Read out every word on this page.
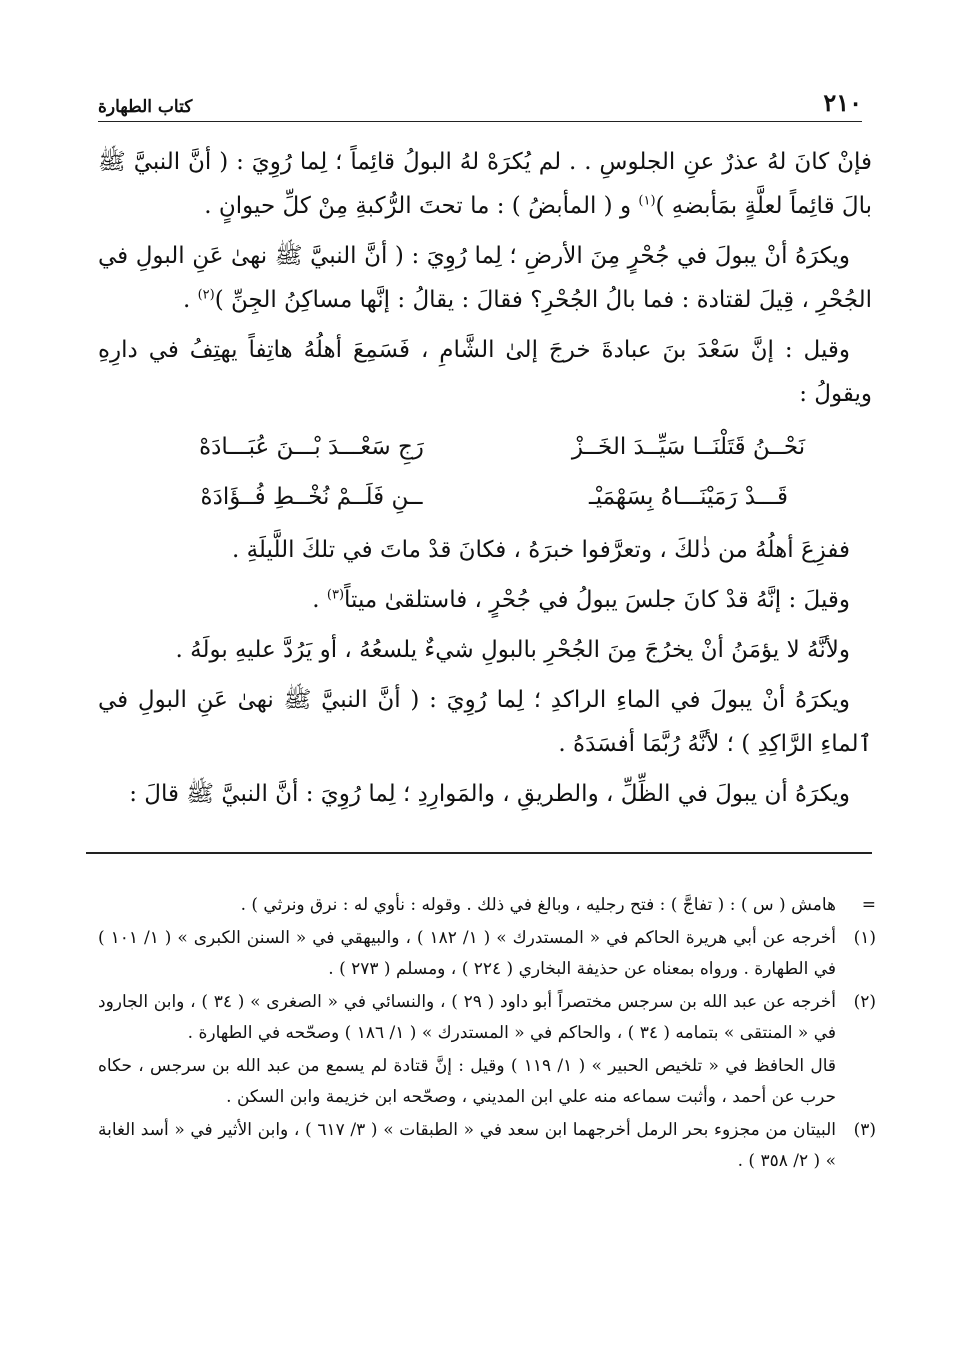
٢١٠
كتاب الطهارة

فإنْ كانَ لهُ عذرٌ عنِ الجلوسِ . . لم يُكرَهْ لهُ البولُ قائِماً ؛ لِما رُوِيَ : ( أنَّ النبيَّ ﷺ بالَ قائِماً لعلَّةٍ بمَأبضهِ )$^{(١)}$ و ( المأبضُ ) : ما تحتَ الرُّكبةِ مِنْ كلِّ حيوانٍ .

ويكرَهُ أنْ يبولَ في جُحْرٍ مِنَ الأرضِ ؛ لِما رُوِيَ : ( أنَّ النبيَّ ﷺ نهىٰ عَنِ البولِ في الجُحْرِ ، قِيلَ لقتادة : فما بالُ الجُحْرِ؟ فقالَ : يقالُ : إنَّها مساكِنُ الجِنِّ )$^{(٢)}$ .

وقيل : إنَّ سَعْدَ بنَ عبادةَ خرجَ إلىٰ الشَّامِ ، فَسَمِعَ أهلُهُ هاتِفاً يهتِفُ في دارِهِ ويقولُ :

نَحْــنُ قَتَلْنَــا سَيِّــدَ الخَــزْ
رَجِ سَعْـــدَ بْـــنَ عُبَـــادَهْ
قَـــدْ رَمَيْنَـــاهُ بِسَهْمَيْـ
ــنِ فَلَــمْ نُخْــطِ فُــؤَادَهْ

ففزِعَ أهلُهُ من ذٰلكَ ، وتعرَّفوا خبرَهُ ، فكانَ قدْ ماتَ في تلكَ اللَّيلَةِ .

وقيلَ : إنَّهُ قدْ كانَ جلسَ يبولُ في جُحْرٍ ، فاستلقىٰ ميتاً$^{(٣)}$ .

ولأنَّهُ لا يؤمَنُ أنْ يخرُجَ مِنَ الجُحْرِ بالبولِ شيءٌ يلسعُهُ ، أو يَرُدَّ عليهِ بولَهُ .

ويكرَهُ أنْ يبولَ في الماءِ الراكدِ ؛ لِما رُوِيَ : ( أنَّ النبيَّ ﷺ نهىٰ عَنِ البولِ في ٱلماءِ الرَّاكِدِ ) ؛ لأنَّهُ رُبَّمَا أفسَدَهُ .

ويكرَهُ أن يبولَ في الظِّلِّ ، والطريقِ ، والمَوارِدِ ؛ لِما رُوِيَ : أنَّ النبيَّ ﷺ قالَ :

=
هامش ( س ) : ( تفاجَّ ) : فتح رجليه ، وبالغ في ذلك . وقوله : نأوي له : نرق ونرثي ) .
(١)
أخرجه عن أبي هريرة الحاكم في « المستدرك » ( ١/ ١٨٢ ) ، والبيهقي في « السنن الكبرى » ( ١/ ١٠١ ) في الطهارة . ورواه بمعناه عن حذيفة البخاري ( ٢٢٤ ) ، ومسلم ( ٢٧٣ ) .
(٢)
أخرجه عن عبد الله بن سرجس مختصراً أبو داود ( ٢٩ ) ، والنسائي في « الصغرى » ( ٣٤ ) ، وابن الجارود في « المنتقى » بتمامه ( ٣٤ ) ، والحاكم في « المستدرك » ( ١/ ١٨٦ ) وصحّحه في الطهارة .
قال الحافظ في « تلخيص الحبير » ( ١/ ١١٩ ) وقيل : إنَّ قتادة لم يسمع من عبد الله بن سرجس ، حكاه حرب عن أحمد ، وأثبت سماعه منه علي ابن المديني ، وصحّحه ابن خزيمة وابن السكن .
(٣)
البيتان من مجزوء بحر الرمل أخرجهما ابن سعد في « الطبقات » ( ٣/ ٦١٧ ) ، وابن الأثير في « أسد الغابة » ( ٢/ ٣٥٨ ) .
